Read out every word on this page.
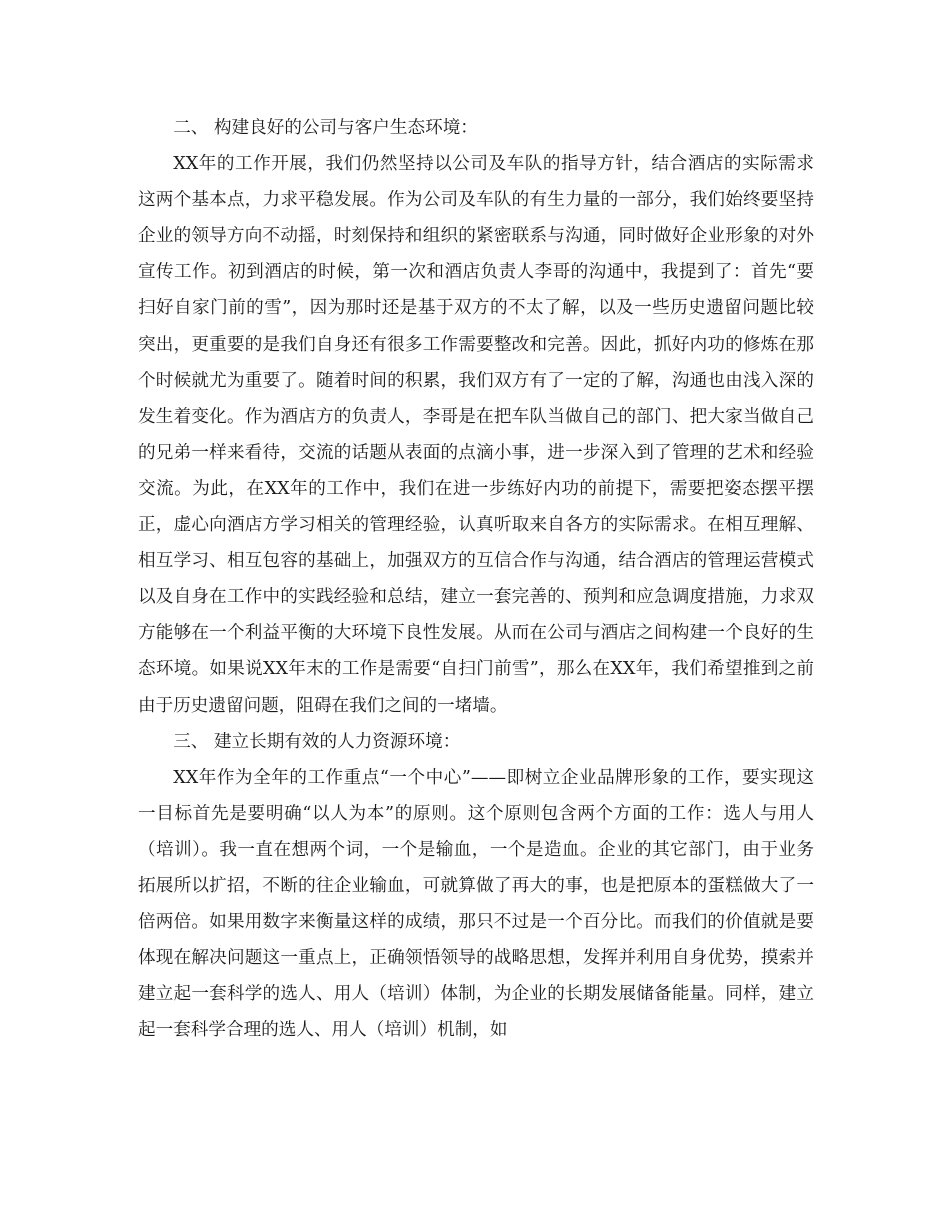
二、 构建良好的公司与客户生态环境：

XX年的工作开展，我们仍然坚持以公司及车队的指导方针，结合酒店的实际需求这两个基本点，力求平稳发展。作为公司及车队的有生力量的一部分，我们始终要坚持企业的领导方向不动摇，时刻保持和组织的紧密联系与沟通，同时做好企业形象的对外宣传工作。初到酒店的时候，第一次和酒店负责人李哥的沟通中，我提到了：首先“要扫好自家门前的雪”，因为那时还是基于双方的不太了解，以及一些历史遗留问题比较突出，更重要的是我们自身还有很多工作需要整改和完善。因此，抓好内功的修炼在那个时候就尤为重要了。随着时间的积累，我们双方有了一定的了解，沟通也由浅入深的发生着变化。作为酒店方的负责人，李哥是在把车队当做自己的部门、把大家当做自己的兄弟一样来看待，交流的话题从表面的点滴小事，进一步深入到了管理的艺术和经验交流。为此，在XX年的工作中，我们在进一步练好内功的前提下，需要把姿态摆平摆正，虚心向酒店方学习相关的管理经验，认真听取来自各方的实际需求。在相互理解、相互学习、相互包容的基础上，加强双方的互信合作与沟通，结合酒店的管理运营模式以及自身在工作中的实践经验和总结，建立一套完善的、预判和应急调度措施，力求双方能够在一个利益平衡的大环境下良性发展。从而在公司与酒店之间构建一个良好的生态环境。如果说XX年末的工作是需要“自扫门前雪”，那么在XX年，我们希望推到之前由于历史遗留问题，阻碍在我们之间的一堵墙。

三、 建立长期有效的人力资源环境：

XX年作为全年的工作重点“一个中心”——即树立企业品牌形象的工作，要实现这一目标首先是要明确“以人为本”的原则。这个原则包含两个方面的工作：选人与用人（培训）。我一直在想两个词，一个是输血，一个是造血。企业的其它部门，由于业务拓展所以扩招，不断的往企业输血，可就算做了再大的事，也是把原本的蛋糕做大了一倍两倍。如果用数字来衡量这样的成绩，那只不过是一个百分比。而我们的价值就是要体现在解决问题这一重点上，正确领悟领导的战略思想，发挥并利用自身优势，摸索并建立起一套科学的选人、用人（培训）体制，为企业的长期发展储备能量。同样，建立起一套科学合理的选人、用人（培训）机制，如
